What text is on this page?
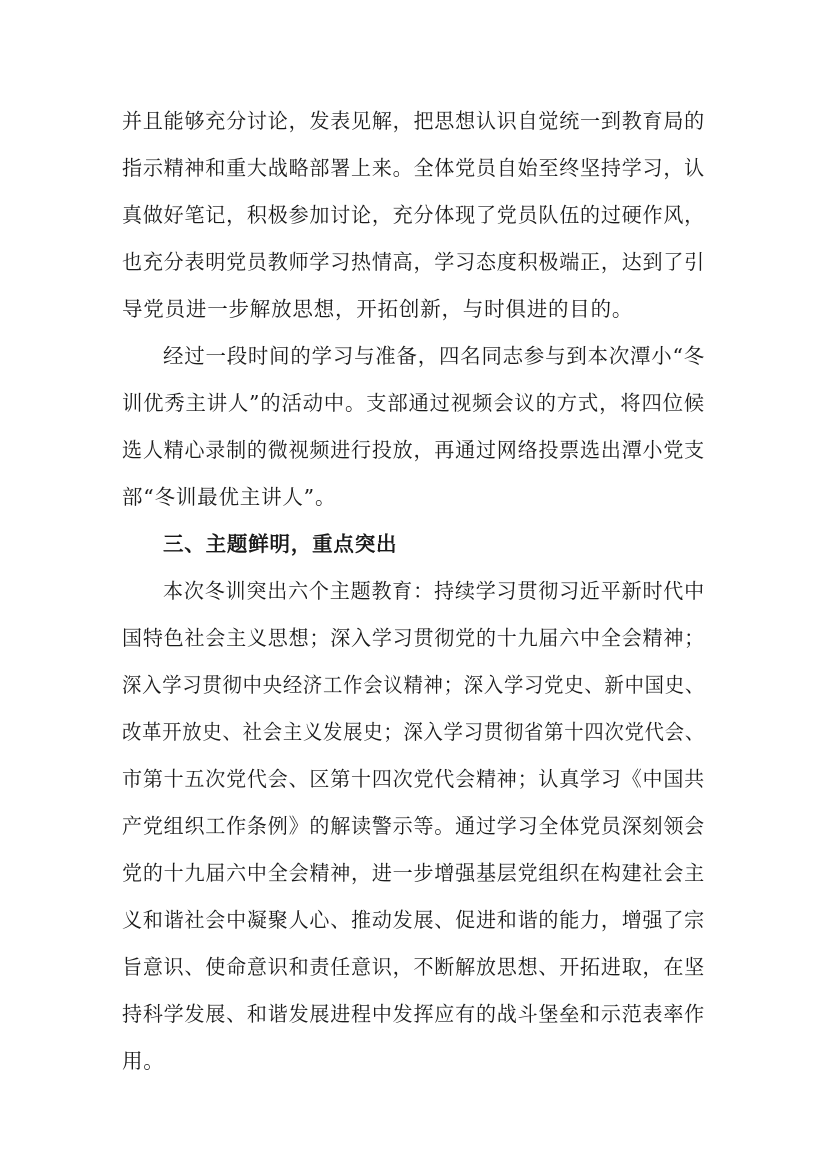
并且能够充分讨论，发表见解，把思想认识自觉统一到教育局的
指示精神和重大战略部署上来。全体党员自始至终坚持学习，认
真做好笔记，积极参加讨论，充分体现了党员队伍的过硬作风，
也充分表明党员教师学习热情高，学习态度积极端正，达到了引
导党员进一步解放思想，开拓创新，与时俱进的目的。
经过一段时间的学习与准备，四名同志参与到本次潭小“冬
训优秀主讲人”的活动中。支部通过视频会议的方式，将四位候
选人精心录制的微视频进行投放，再通过网络投票选出潭小党支
部“冬训最优主讲人”。
三、主题鲜明，重点突出
本次冬训突出六个主题教育：持续学习贯彻习近平新时代中
国特色社会主义思想；深入学习贯彻党的十九届六中全会精神；
深入学习贯彻中央经济工作会议精神；深入学习党史、新中国史、
改革开放史、社会主义发展史；深入学习贯彻省第十四次党代会、
市第十五次党代会、区第十四次党代会精神；认真学习《中国共
产党组织工作条例》的解读警示等。通过学习全体党员深刻领会
党的十九届六中全会精神，进一步增强基层党组织在构建社会主
义和谐社会中凝聚人心、推动发展、促进和谐的能力，增强了宗
旨意识、使命意识和责任意识，不断解放思想、开拓进取，在坚
持科学发展、和谐发展进程中发挥应有的战斗堡垒和示范表率作
用。
